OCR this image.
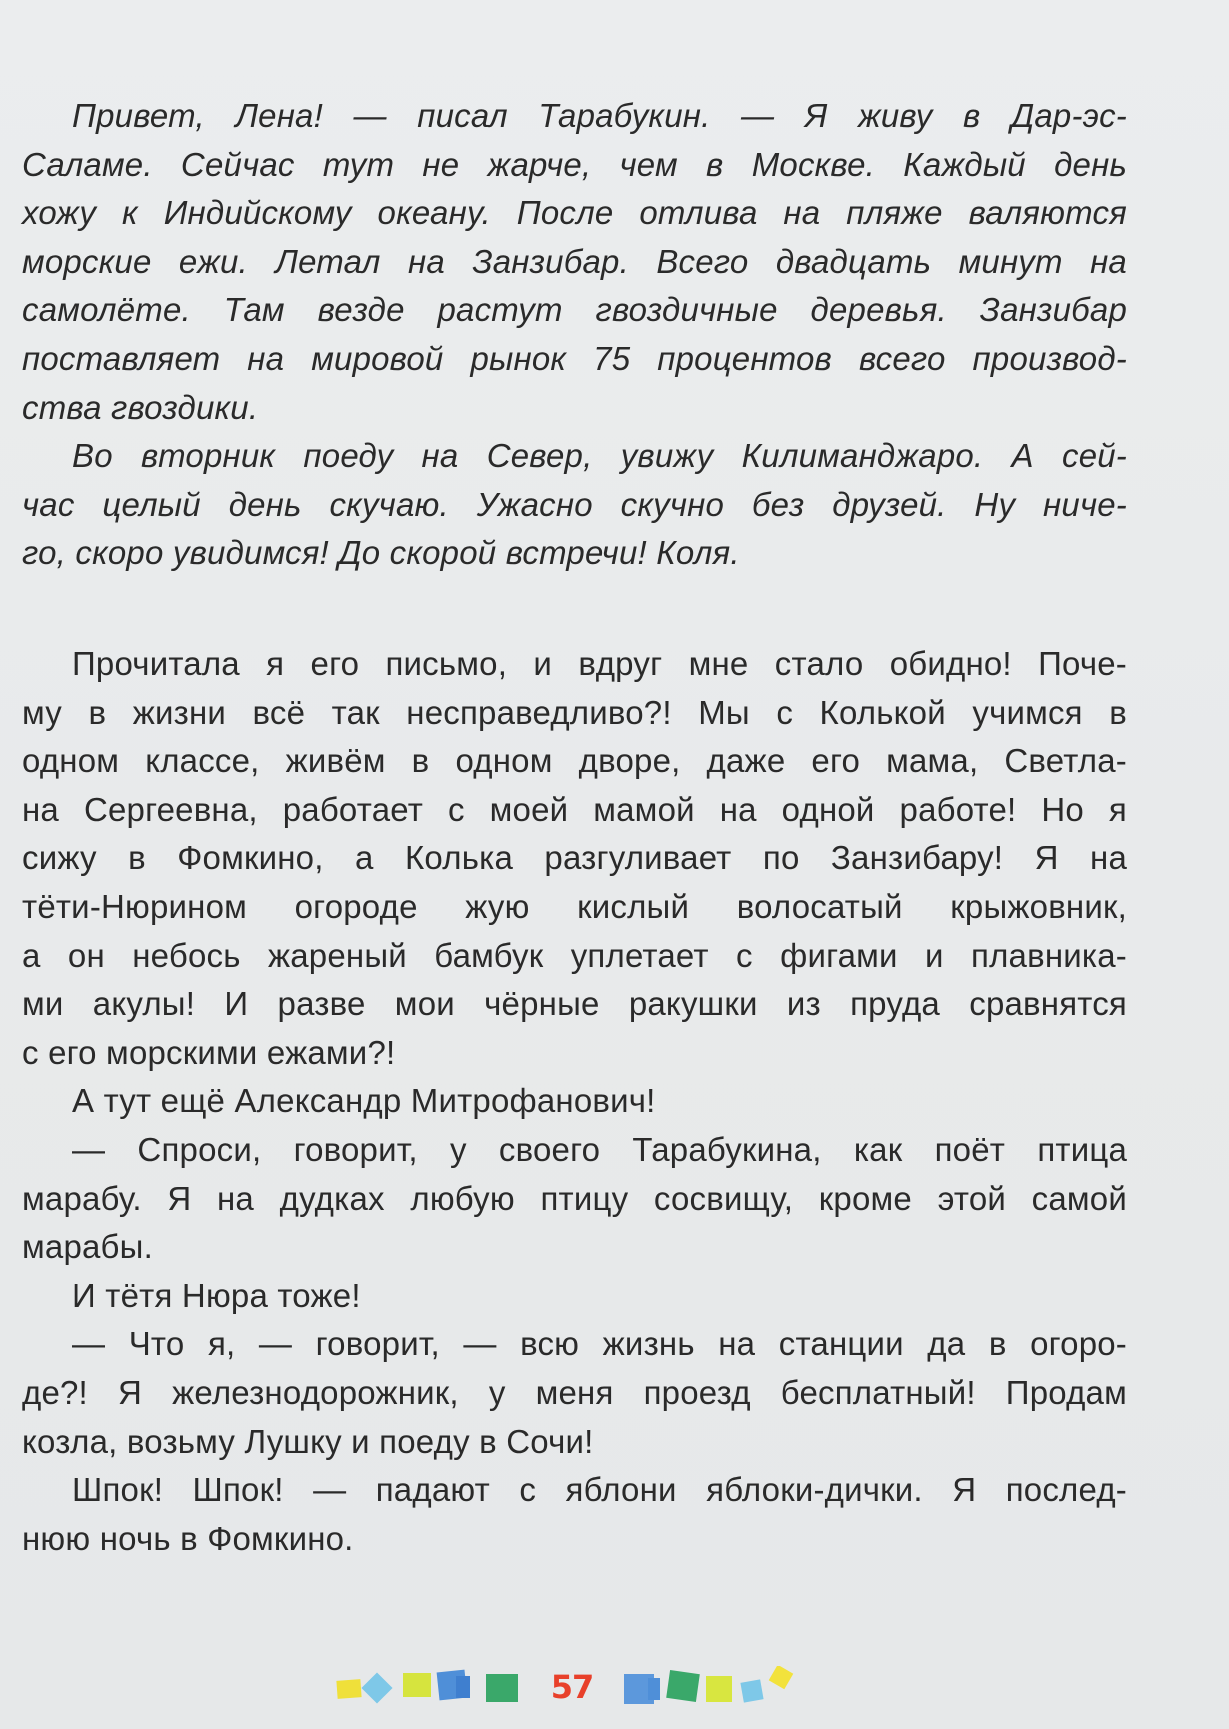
Привет, Лена! — писал Тарабукин. — Я живу в Дар-эс-
Саламе. Сейчас тут не жарче, чем в Москве. Каждый день
хожу к Индийскому океану. После отлива на пляже валяются
морские ежи. Летал на Занзибар. Всего двадцать минут на
самолёте. Там везде растут гвоздичные деревья. Занзибар
поставляет на мировой рынок 75 процентов всего производ-
ства гвоздики.
Во вторник поеду на Север, увижу Килиманджаро. А сей-
час целый день скучаю. Ужасно скучно без друзей. Ну ниче-
го, скоро увидимся! До скорой встречи! Коля.
Прочитала я его письмо, и вдруг мне стало обидно! Поче-
му в жизни всё так несправедливо?! Мы с Колькой учимся в
одном классе, живём в одном дворе, даже его мама, Светла-
на Сергеевна, работает с моей мамой на одной работе! Но я
сижу в Фомкино, а Колька разгуливает по Занзибару! Я на
тёти-Нюрином огороде жую кислый волосатый крыжовник,
а он небось жареный бамбук уплетает с фигами и плавника-
ми акулы! И разве мои чёрные ракушки из пруда сравнятся
с его морскими ежами?!
А тут ещё Александр Митрофанович!
— Спроси, говорит, у своего Тарабукина, как поёт птица
марабу. Я на дудках любую птицу сосвищу, кроме этой самой
марабы.
И тётя Нюра тоже!
— Что я, — говорит, — всю жизнь на станции да в огоро-
де?! Я железнодорожник, у меня проезд бесплатный! Продам
козла, возьму Лушку и поеду в Сочи!
Шпок! Шпок! — падают с яблони яблоки-дички. Я послед-
нюю ночь в Фомкино.
57
